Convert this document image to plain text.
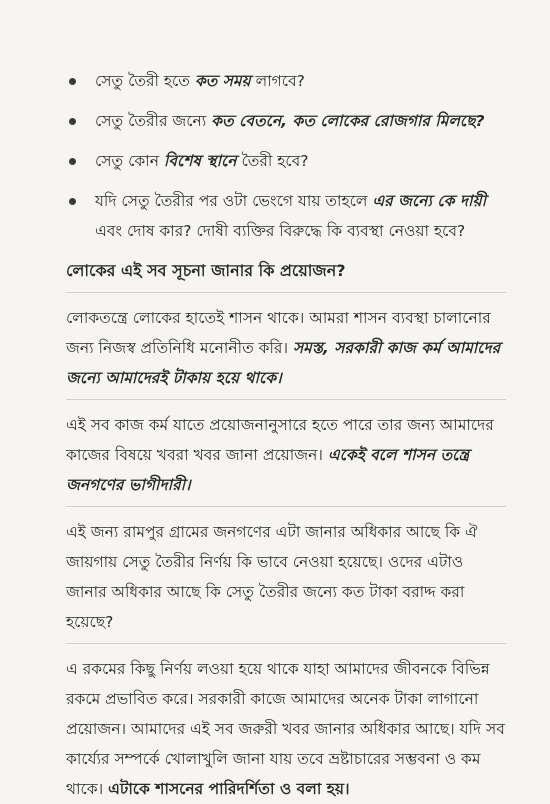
সেতু তৈরী হতে কত সময় লাগবে?
সেতু তৈরীর জন্যে কত বেতনে, কত লোকের রোজগার মিলছে?
সেতু কোন বিশেষ স্থানে তৈরী হবে?
যদি সেতু তৈরীর পর ওটা ভেংগে যায় তাহলে এর জন্যে কে দায়ী এবং দোষ কার? দোষী ব্যক্তির বিরুদ্ধে কি ব্যবস্থা নেওয়া হবে?

লোকের এই সব সূচনা জানার কি প্রয়োজন?

লোকতন্ত্রে লোকের হাতেই শাসন থাকে। আমরা শাসন ব্যবস্থা চালানোর জন্য নিজস্ব প্রতিনিধি মনোনীত করি। সমস্ত, সরকারী কাজ কর্ম আমাদের জন্যে আমাদেরই টাকায় হয়ে থাকে।

এই সব কাজ কর্ম যাতে প্রয়োজনানুসারে হতে পারে তার জন্য আমাদের কাজের বিষয়ে খবরা খবর জানা প্রয়োজন। একেই বলে শাসন তন্ত্রে জনগণের ভাগীদারী।

এই জন্য রামপুর গ্রামের জনগণের এটা জানার অধিকার আছে কি ঐ জায়গায় সেতু তৈরীর নির্ণয় কি ভাবে নেওয়া হয়েছে। ওদের এটাও জানার অধিকার আছে কি সেতু তৈরীর জন্যে কত টাকা বরাদ্দ করা হয়েছে?

এ রকমের কিছু নির্ণয় লওয়া হয়ে থাকে যাহা আমাদের জীবনকে বিভিন্ন রকমে প্রভাবিত করে। সরকারী কাজে আমাদের অনেক টাকা লাগানো প্রয়োজন। আমাদের এই সব জরুরী খবর জানার অধিকার আছে। যদি সব কার্য্যের সম্পর্কে খোলাখুলি জানা যায় তবে ভ্রষ্টাচারের সম্ভবনা ও কম থাকে। এটাকে শাসনের পারিদর্শিতা ও বলা হয়।
